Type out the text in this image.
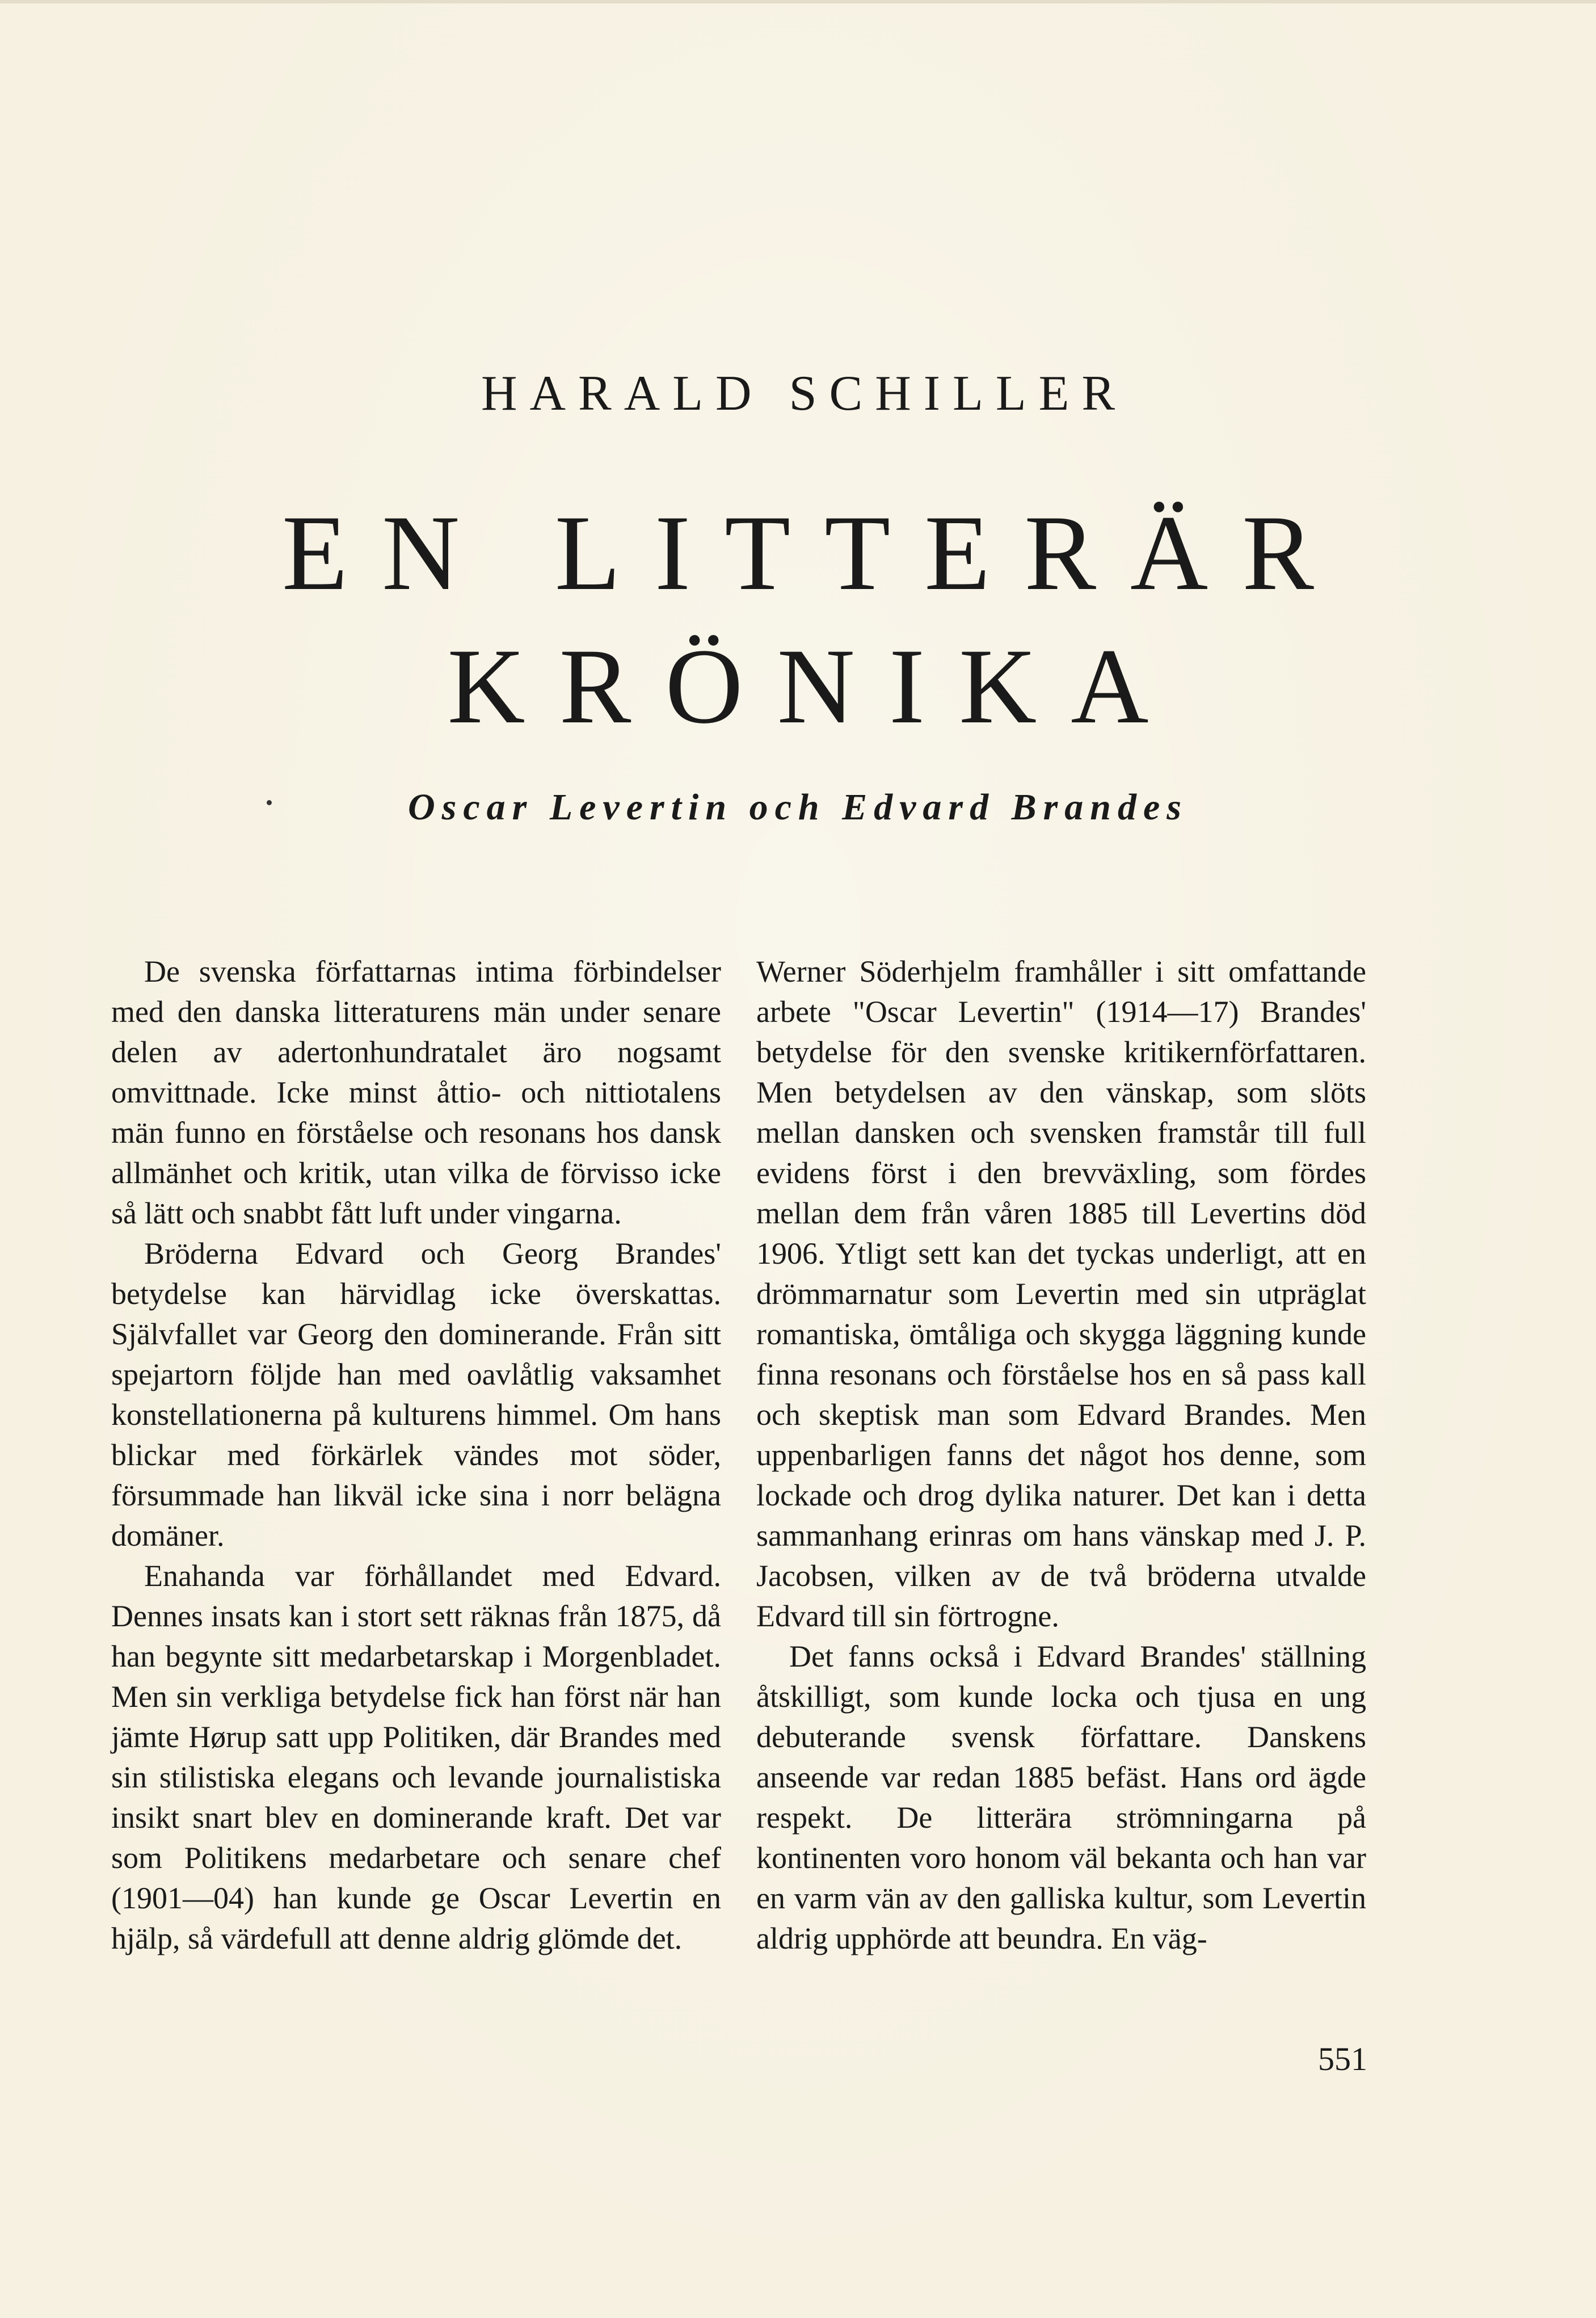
HARALD SCHILLER
EN LITTERÄR
KRÖNIKA
Oscar Levertin och Edvard Brandes

De svenska författarnas intima förbindelser med den danska litteraturens män under senare delen av adertonhundratalet äro nogsamt omvittnade. Icke minst åttio- och nittiotalens män funno en förståelse och resonans hos dansk allmänhet och kritik, utan vilka de förvisso icke så lätt och snabbt fått luft under vingarna.

Bröderna Edvard och Georg Brandes' betydelse kan härvidlag icke överskattas. Självfallet var Georg den dominerande. Från sitt spejartorn följde han med oavlåtlig vaksamhet konstellationerna på kulturens himmel. Om hans blickar med förkärlek vändes mot söder, försummade han likväl icke sina i norr belägna domäner.

Enahanda var förhållandet med Edvard. Dennes insats kan i stort sett räknas från 1875, då han begynte sitt medarbetarskap i Morgenbladet. Men sin verkliga betydelse fick han först när han jämte Hørup satt upp Politiken, där Brandes med sin stilistiska elegans och levande journalistiska insikt snart blev en dominerande kraft. Det var som Politikens medarbetare och senare chef (1901—04) han kunde ge Oscar Levertin en hjälp, så värdefull att denne aldrig glömde det.

Werner Söderhjelm framhåller i sitt omfattande arbete "Oscar Levertin" (1914—17) Brandes' betydelse för den svenske kritikernförfattaren. Men betydelsen av den vänskap, som slöts mellan dansken och svensken framstår till full evidens först i den brevväxling, som fördes mellan dem från våren 1885 till Levertins död 1906. Ytligt sett kan det tyckas underligt, att en drömmarnatur som Levertin med sin utpräglat romantiska, ömtåliga och skygga läggning kunde finna resonans och förståelse hos en så pass kall och skeptisk man som Edvard Brandes. Men uppenbarligen fanns det något hos denne, som lockade och drog dylika naturer. Det kan i detta sammanhang erinras om hans vänskap med J. P. Jacobsen, vilken av de två bröderna utvalde Edvard till sin förtrogne.

Det fanns också i Edvard Brandes' ställning åtskilligt, som kunde locka och tjusa en ung debuterande svensk författare. Danskens anseende var redan 1885 befäst. Hans ord ägde respekt. De litterära strömningarna på kontinenten voro honom väl bekanta och han var en varm vän av den galliska kultur, som Levertin aldrig upphörde att beundra. En väg-

551
